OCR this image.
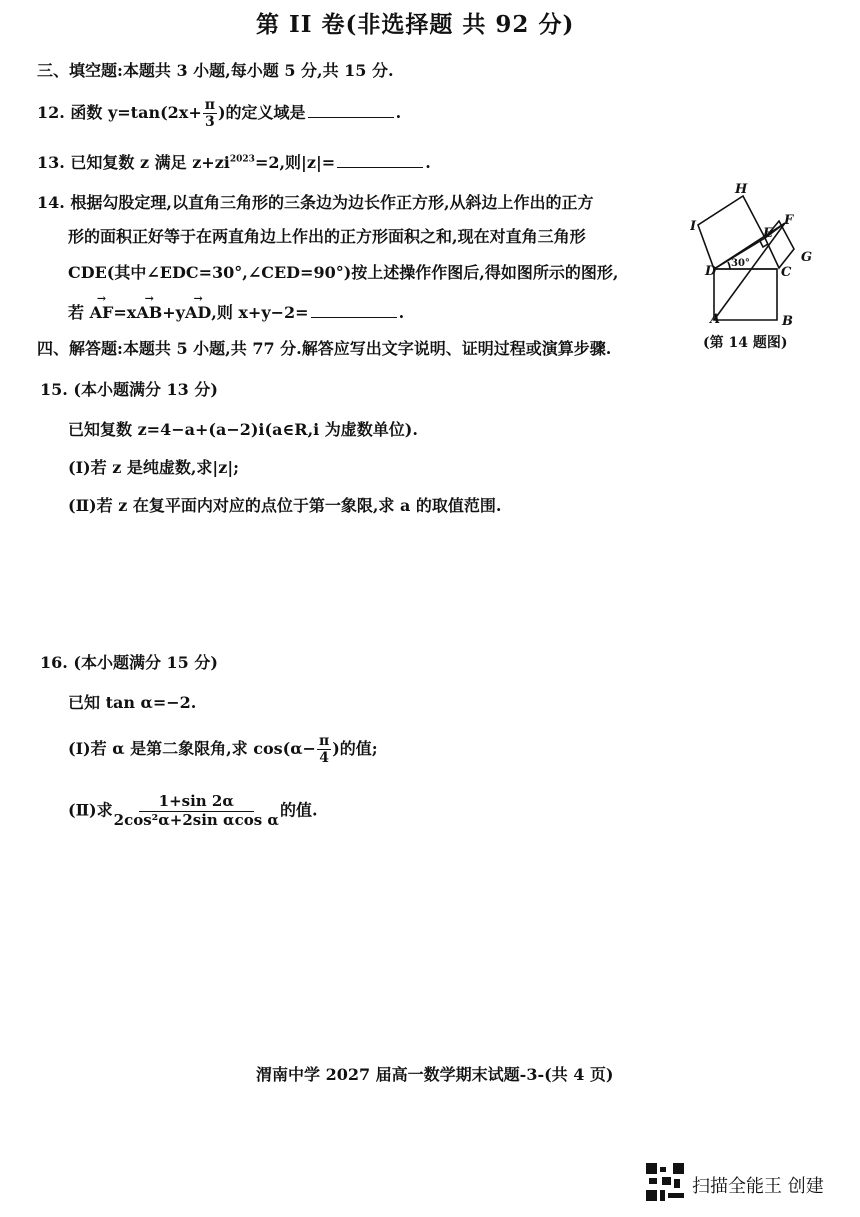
第 II 卷(非选择题 共 92 分)
三、填空题:本题共 3 小题,每小题 5 分,共 15 分.
12. 函数 $y=\tan(2x+ \frac{\pi}{3}$ )的定义域是	.
13. 已知复数 z 满足 $z+zi^{2023}=2$,则|z|=	.
14. 根据勾股定理,以直角三角形的三条边为边长作正方形,从斜边上作出的正方
形的面积正好等于在两直角边上作出的正方形面积之和,现在对直角三角形
CDE(其中∠EDC=30°,∠CED=90°)按上述操作作图后,得如图所示的图形,
若 → AF=x→ AB+y→ AD,则 x+y−2=	.
H
I	E
F
G
D	C
A	B
30°
(第 14 题图)
四、解答题:本题共 5 小题,共 77 分.解答应写出文字说明、证明过程或演算步骤.
15. (本小题满分 13 分)
已知复数 z=4−a+(a−2)i(a∈R,i 为虚数单位).
(Ⅰ)若 z 是纯虚数,求|z|;
(Ⅱ)若 z 在复平面内对应的点位于第一象限,求 a 的取值范围.
16. (本小题满分 15 分)
已知 tan α=−2.
(Ⅰ)若 α 是第二象限角,求 $\cos(\alpha- \frac{\pi}{4}$ )的值;
(Ⅱ)求 $\frac{1+\sin 2\alpha}{\text{2cos²α+2sin αcos α}}$ 的值.
渭南中学 2027 届高一数学期末试题-3-(共 4 页)
扫描全能王 创建
